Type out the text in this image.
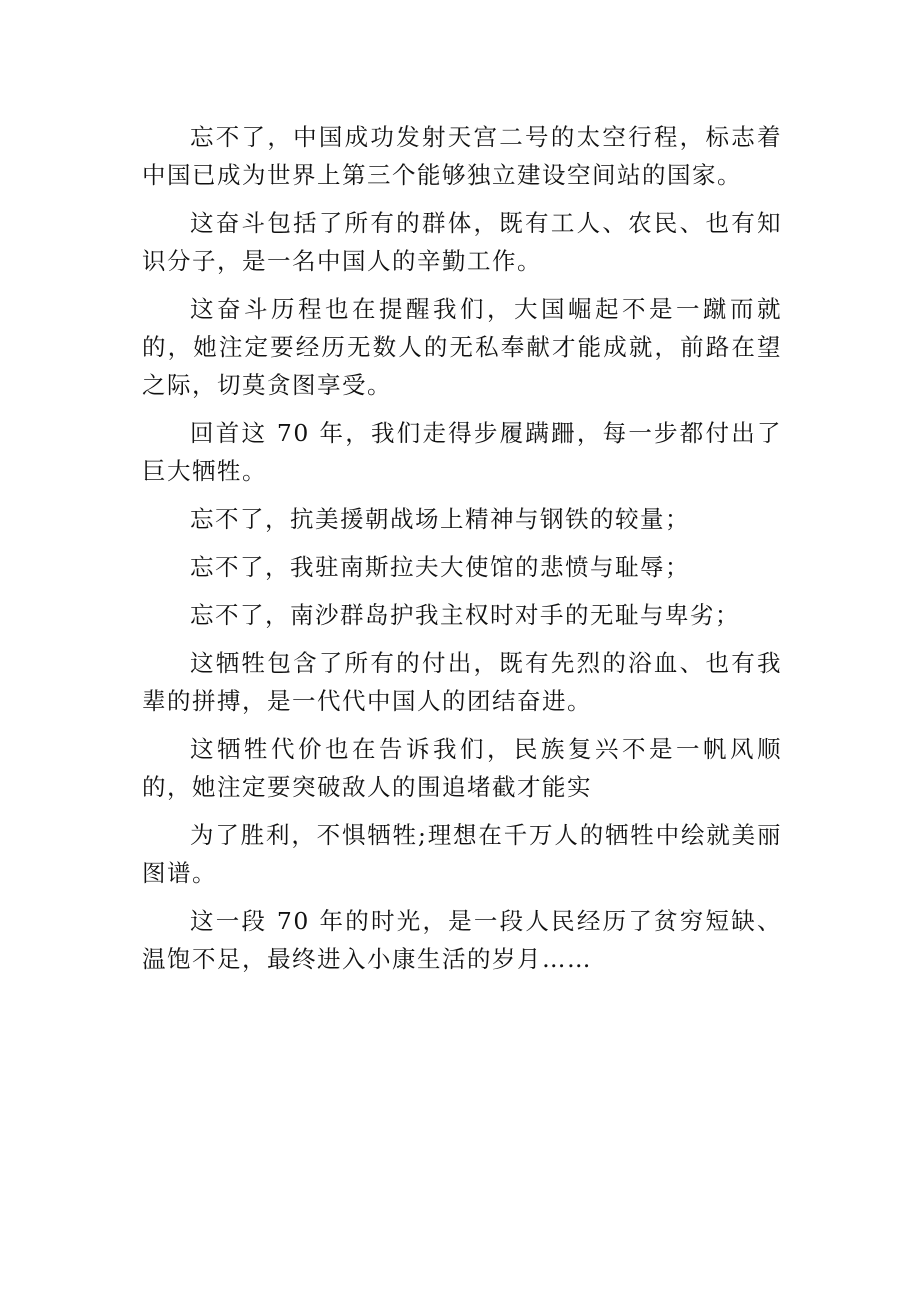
忘不了，中国成功发射天宫二号的太空行程，标志着中国已成为世界上第三个能够独立建设空间站的国家。

这奋斗包括了所有的群体，既有工人、农民、也有知识分子，是一名中国人的辛勤工作。

这奋斗历程也在提醒我们，大国崛起不是一蹴而就的，她注定要经历无数人的无私奉献才能成就，前路在望之际，切莫贪图享受。

回首这 70 年，我们走得步履蹒跚，每一步都付出了巨大牺牲。

忘不了，抗美援朝战场上精神与钢铁的较量；

忘不了，我驻南斯拉夫大使馆的悲愤与耻辱；

忘不了，南沙群岛护我主权时对手的无耻与卑劣；

这牺牲包含了所有的付出，既有先烈的浴血、也有我辈的拼搏，是一代代中国人的团结奋进。

这牺牲代价也在告诉我们，民族复兴不是一帆风顺的，她注定要突破敌人的围追堵截才能实

为了胜利，不惧牺牲;理想在千万人的牺牲中绘就美丽图谱。

这一段 70 年的时光，是一段人民经历了贫穷短缺、温饱不足，最终进入小康生活的岁月……
